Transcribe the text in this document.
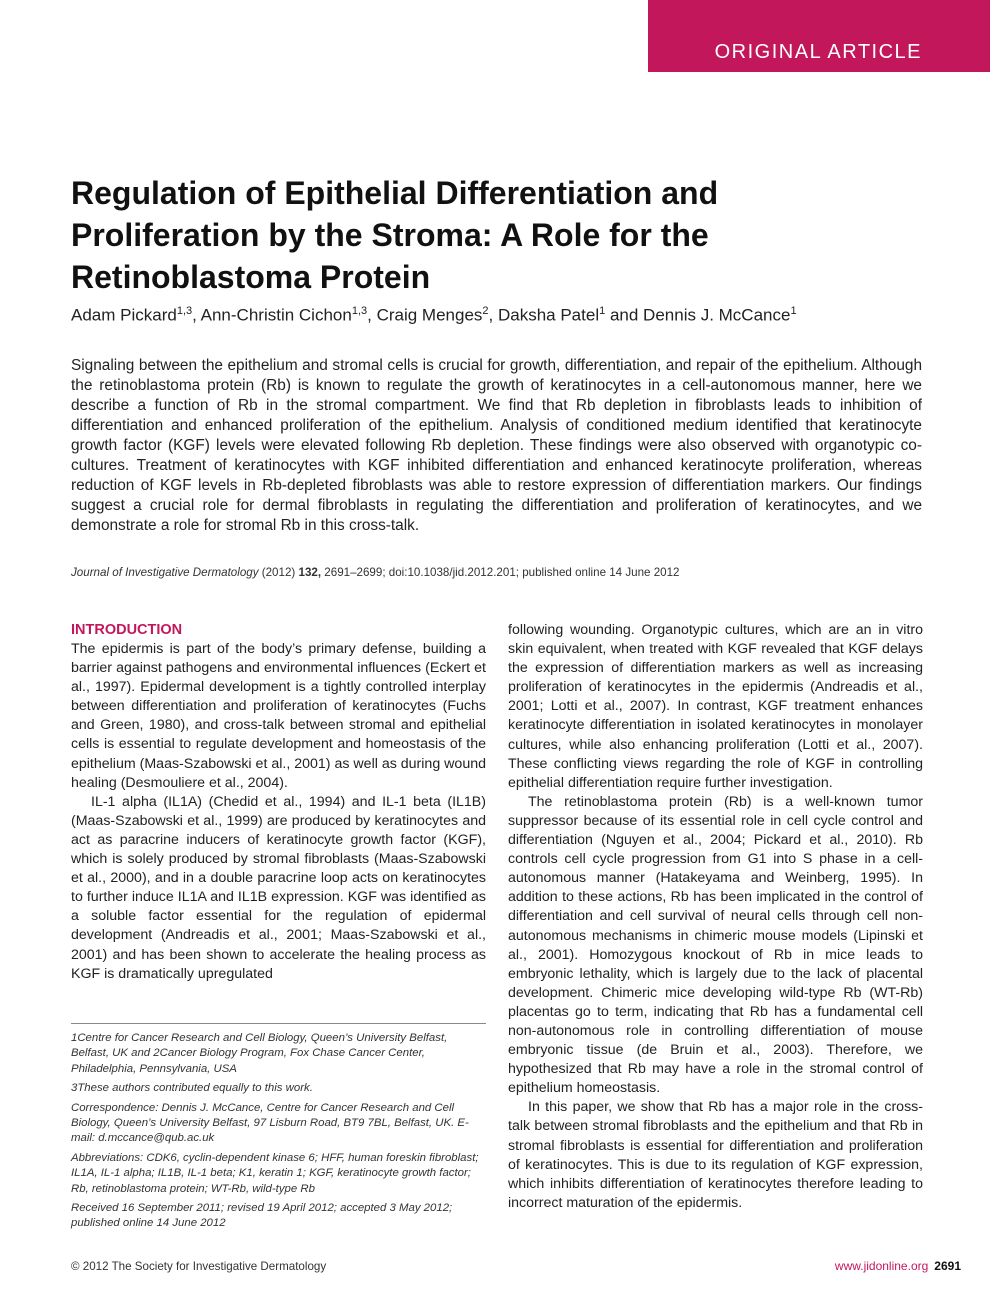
ORIGINAL ARTICLE
Regulation of Epithelial Differentiation and Proliferation by the Stroma: A Role for the Retinoblastoma Protein
Adam Pickard$^{1,3}$, Ann-Christin Cichon$^{1,3}$, Craig Menges$^2$, Daksha Patel$^1$ and Dennis J. McCance$^1$

Signaling between the epithelium and stromal cells is crucial for growth, differentiation, and repair of the epithelium. Although the retinoblastoma protein (Rb) is known to regulate the growth of keratinocytes in a cell-autonomous manner, here we describe a function of Rb in the stromal compartment. We find that Rb depletion in fibroblasts leads to inhibition of differentiation and enhanced proliferation of the epithelium. Analysis of conditioned medium identified that keratinocyte growth factor (KGF) levels were elevated following Rb depletion. These findings were also observed with organotypic co-cultures. Treatment of keratinocytes with KGF inhibited differentiation and enhanced keratinocyte proliferation, whereas reduction of KGF levels in Rb-depleted fibroblasts was able to restore expression of differentiation markers. Our findings suggest a crucial role for dermal fibroblasts in regulating the differentiation and proliferation of keratinocytes, and we demonstrate a role for stromal Rb in this cross-talk.

Journal of Investigative Dermatology (2012) 132, 2691–2699; doi:10.1038/jid.2012.201; published online 14 June 2012
INTRODUCTION

The epidermis is part of the body’s primary defense, building a barrier against pathogens and environmental influences (Eckert et al., 1997). Epidermal development is a tightly controlled interplay between differentiation and proliferation of keratinocytes (Fuchs and Green, 1980), and cross-talk between stromal and epithelial cells is essential to regulate development and homeostasis of the epithelium (Maas-Szabowski et al., 2001) as well as during wound healing (Desmouliere et al., 2004).

IL-1 alpha (IL1A) (Chedid et al., 1994) and IL-1 beta (IL1B) (Maas-Szabowski et al., 1999) are produced by keratinocytes and act as paracrine inducers of keratinocyte growth factor (KGF), which is solely produced by stromal fibroblasts (Maas-Szabowski et al., 2000), and in a double paracrine loop acts on keratinocytes to further induce IL1A and IL1B expression. KGF was identified as a soluble factor essential for the regulation of epidermal development (Andreadis et al., 2001; Maas-Szabowski et al., 2001) and has been shown to accelerate the healing process as KGF is dramatically upregulated

following wounding. Organotypic cultures, which are an in vitro skin equivalent, when treated with KGF revealed that KGF delays the expression of differentiation markers as well as increasing proliferation of keratinocytes in the epidermis (Andreadis et al., 2001; Lotti et al., 2007). In contrast, KGF treatment enhances keratinocyte differentiation in isolated keratinocytes in monolayer cultures, while also enhancing proliferation (Lotti et al., 2007). These conflicting views regarding the role of KGF in controlling epithelial differentiation require further investigation.

The retinoblastoma protein (Rb) is a well-known tumor suppressor because of its essential role in cell cycle control and differentiation (Nguyen et al., 2004; Pickard et al., 2010). Rb controls cell cycle progression from G1 into S phase in a cell-autonomous manner (Hatakeyama and Weinberg, 1995). In addition to these actions, Rb has been implicated in the control of differentiation and cell survival of neural cells through cell non-autonomous mechanisms in chimeric mouse models (Lipinski et al., 2001). Homozygous knockout of Rb in mice leads to embryonic lethality, which is largely due to the lack of placental development. Chimeric mice developing wild-type Rb (WT-Rb) placentas go to term, indicating that Rb has a fundamental cell non-autonomous role in controlling differentiation of mouse embryonic tissue (de Bruin et al., 2003). Therefore, we hypothesized that Rb may have a role in the stromal control of epithelium homeostasis.

In this paper, we show that Rb has a major role in the cross-talk between stromal fibroblasts and the epithelium and that Rb in stromal fibroblasts is essential for differentiation and proliferation of keratinocytes. This is due to its regulation of KGF expression, which inhibits differentiation of keratinocytes therefore leading to incorrect maturation of the epidermis.

1Centre for Cancer Research and Cell Biology, Queen’s University Belfast, Belfast, UK and 2Cancer Biology Program, Fox Chase Cancer Center, Philadelphia, Pennsylvania, USA

3These authors contributed equally to this work.

Correspondence: Dennis J. McCance, Centre for Cancer Research and Cell Biology, Queen’s University Belfast, 97 Lisburn Road, BT9 7BL, Belfast, UK. E-mail: d.mccance@qub.ac.uk

Abbreviations: CDK6, cyclin-dependent kinase 6; HFF, human foreskin fibroblast; IL1A, IL-1 alpha; IL1B, IL-1 beta; K1, keratin 1; KGF, keratinocyte growth factor; Rb, retinoblastoma protein; WT-Rb, wild-type Rb

Received 16 September 2011; revised 19 April 2012; accepted 3 May 2012; published online 14 June 2012

© 2012 The Society for Investigative Dermatology	www.jidonline.org 2691
